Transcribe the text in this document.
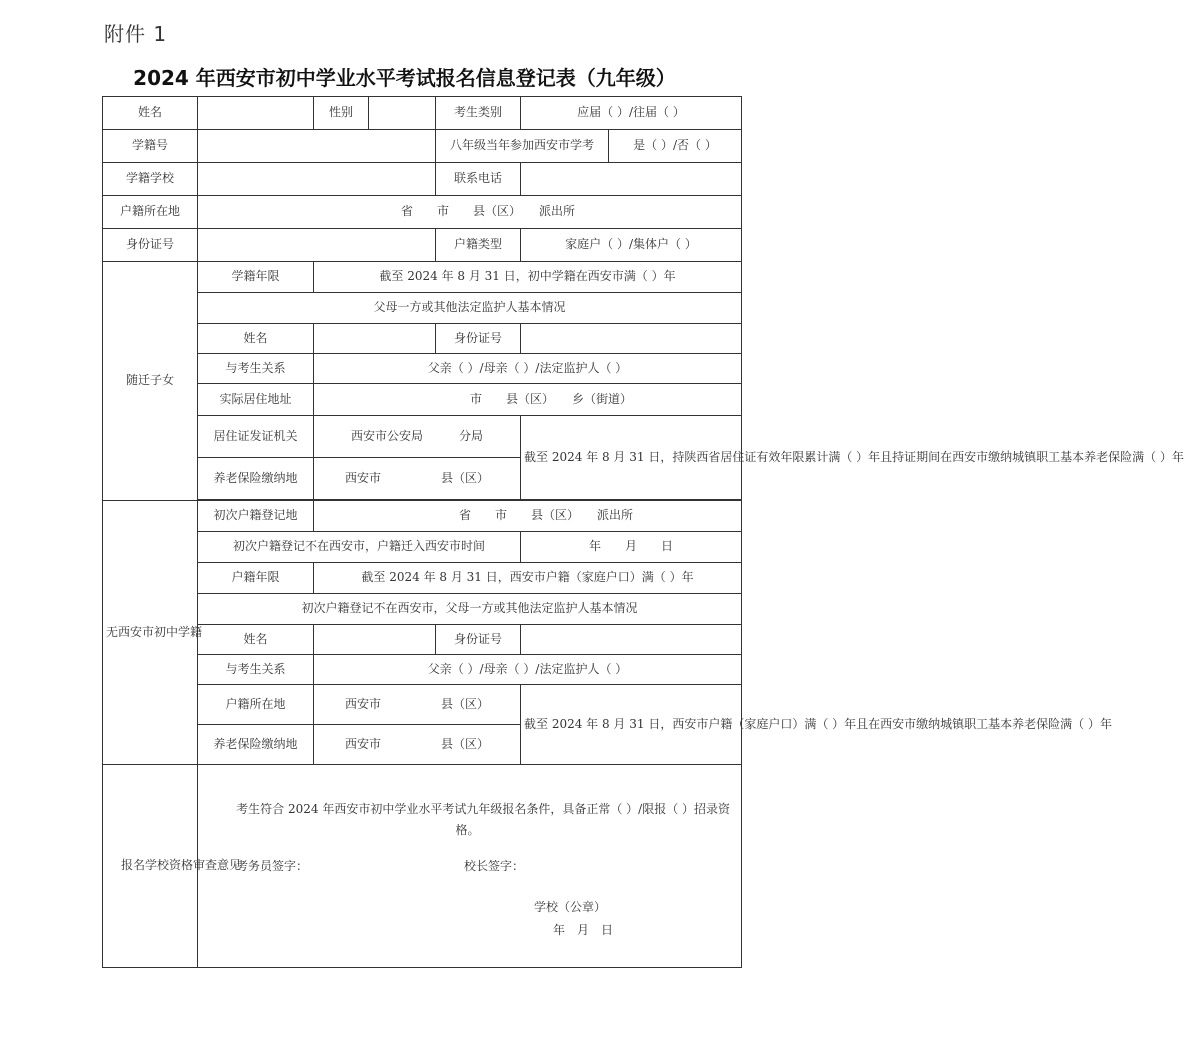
附件 1
2024 年西安市初中学业水平考试报名信息登记表（九年级）
姓名		性别		考生类别	应届（ ）/往届（ ）	
学籍号				八年级当年参加西安市学考		是（ ）/否（ ）
学籍学校				联系电话		
户籍所在地	省　　市　　县（区）　　派出所					
身份证号				户籍类型	家庭户（ ）/集体户（ ）	
随迁子女	学籍年限	截至 2024 年 8 月 31 日，初中学籍在西安市满（ ）年				
	父母一方或其他法定监护人基本情况					
	姓名			身份证号		
	与考生关系	父亲（ ）/母亲（ ）/法定监护人（ ）				
	实际居住地址	市　　县（区）　　乡（街道）				
	居住证发证机关	西安市公安局　　　分局			截至 2024 年 8 月 31 日，持陕西省居住证有效年限累计满（ ）年且持证期间在西安市缴纳城镇职工基本养老保险满（ ）年	
	养老保险缴纳地	西安市　　　　　县（区）				

无西安市初中学籍	初次户籍登记地	省　　市　　县（区）　　派出所				
	初次户籍登记不在西安市，户籍迁入西安市时间				年　　月　　日	
	户籍年限	截至 2024 年 8 月 31 日，西安市户籍（家庭户口）满（ ）年				
	初次户籍登记不在西安市，父母一方或其他法定监护人基本情况					
	姓名			身份证号		
	与考生关系	父亲（ ）/母亲（ ）/法定监护人（ ）				
	户籍所在地	西安市　　　　　县（区）			截至 2024 年 8 月 31 日，西安市户籍（家庭户口）满（ ）年且在西安市缴纳城镇职工基本养老保险满（ ）年	
	养老保险缴纳地	西安市　　　　　县（区）				
报名学校资格审查意见	考生符合 2024 年西安市初中学业水平考试九年级报名条件，具备正常（ ）/限报（ ）招录资格。
考务员签字： 校长签字：
学校（公章）
年　月　日					
